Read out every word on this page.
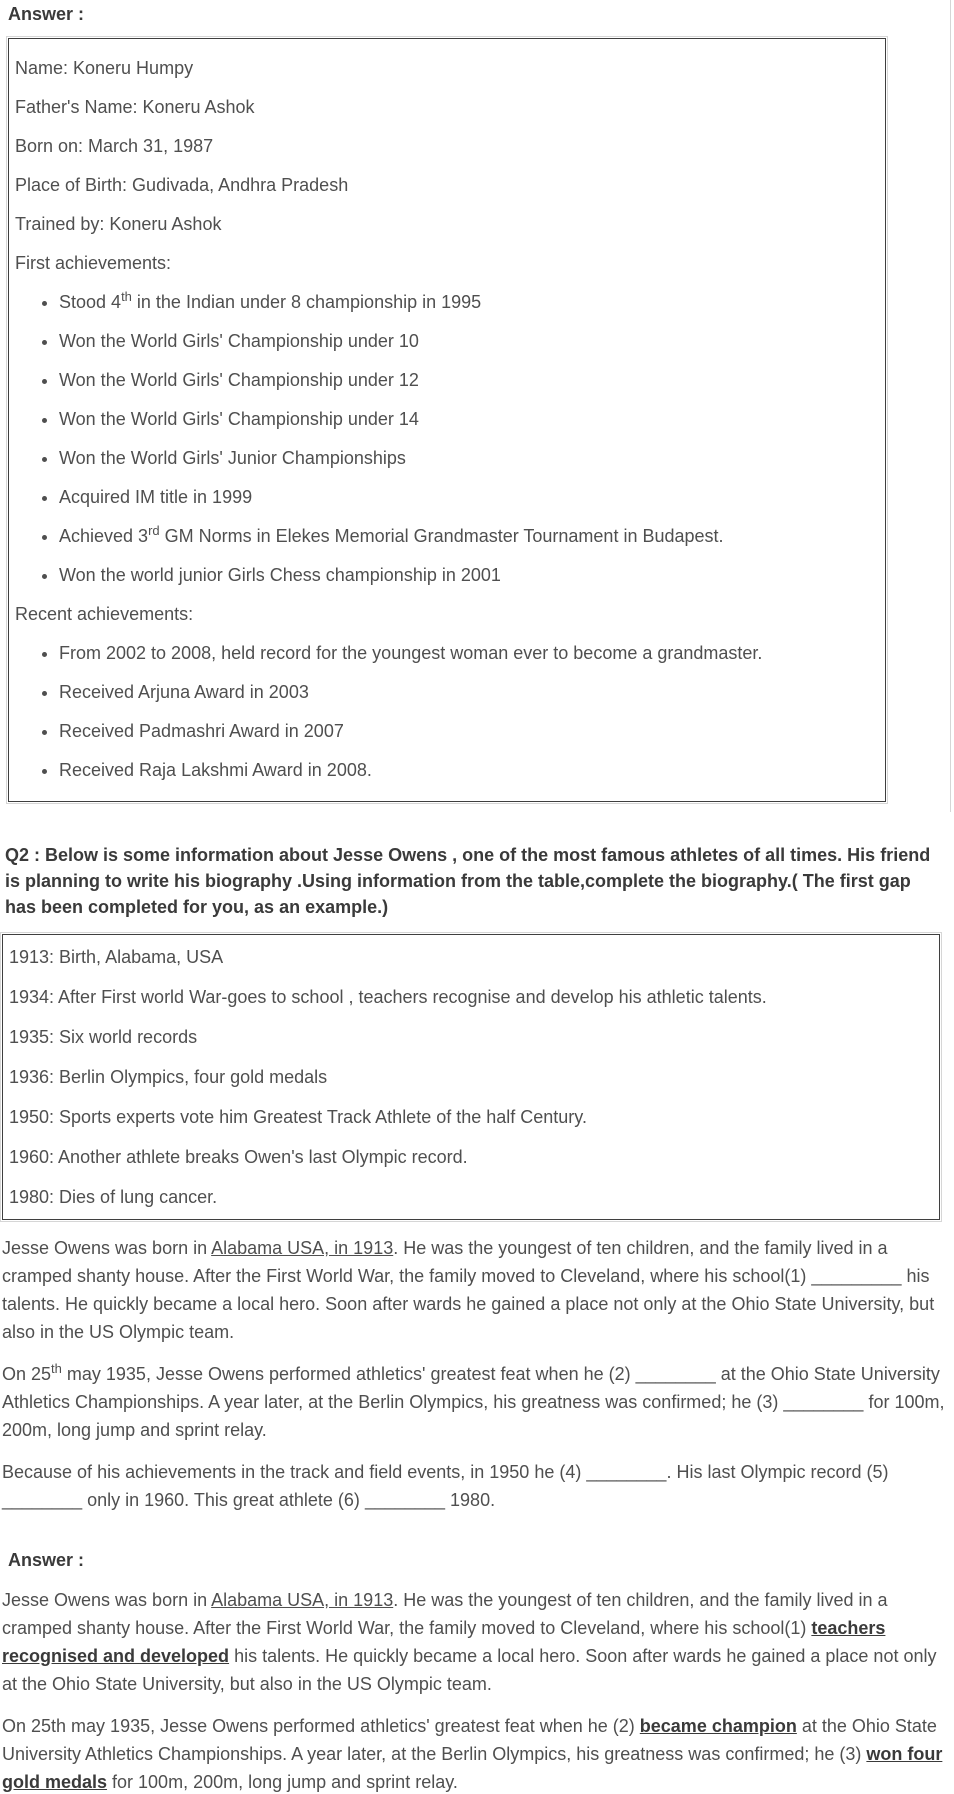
Answer :

Name: Koneru Humpy

Father's Name: Koneru Ashok

Born on: March 31, 1987

Place of Birth: Gudivada, Andhra Pradesh

Trained by: Koneru Ashok

First achievements:

• Stood 4th in the Indian under 8 championship in 1995
• Won the World Girls' Championship under 10
• Won the World Girls' Championship under 12
• Won the World Girls' Championship under 14
• Won the World Girls' Junior Championships
• Acquired IM title in 1999
• Achieved 3rd GM Norms in Elekes Memorial Grandmaster Tournament in Budapest.
• Won the world junior Girls Chess championship in 2001

Recent achievements:

• From 2002 to 2008, held record for the youngest woman ever to become a grandmaster.
• Received Arjuna Award in 2003
• Received Padmashri Award in 2007
• Received Raja Lakshmi Award in 2008.

Q2 : Below is some information about Jesse Owens , one of the most famous athletes of all times. His friend is planning to write his biography .Using information from the table,complete the biography.( The first gap has been completed for you, as an example.)

1913: Birth, Alabama, USA
1934: After First world War-goes to school , teachers recognise and develop his athletic talents.
1935: Six world records
1936: Berlin Olympics, four gold medals
1950: Sports experts vote him Greatest Track Athlete of the half Century.
1960: Another athlete breaks Owen's last Olympic record.
1980: Dies of lung cancer.

Jesse Owens was born in Alabama USA, in 1913. He was the youngest of ten children, and the family lived in a cramped shanty house. After the First World War, the family moved to Cleveland, where his school(1) _________ his talents. He quickly became a local hero. Soon after wards he gained a place not only at the Ohio State University, but also in the US Olympic team.

On 25th may 1935, Jesse Owens performed athletics' greatest feat when he (2) ________ at the Ohio State University Athletics Championships. A year later, at the Berlin Olympics, his greatness was confirmed; he (3) ________ for 100m, 200m, long jump and sprint relay.

Because of his achievements in the track and field events, in 1950 he (4) ________. His last Olympic record (5) ________ only in 1960. This great athlete (6) ________ 1980.

Answer :

Jesse Owens was born in Alabama USA, in 1913. He was the youngest of ten children, and the family lived in a cramped shanty house. After the First World War, the family moved to Cleveland, where his school(1) teachers recognised and developed his talents. He quickly became a local hero. Soon after wards he gained a place not only at the Ohio State University, but also in the US Olympic team.

On 25th may 1935, Jesse Owens performed athletics' greatest feat when he (2) became champion at the Ohio State University Athletics Championships. A year later, at the Berlin Olympics, his greatness was confirmed; he (3) won four gold medals for 100m, 200m, long jump and sprint relay.
